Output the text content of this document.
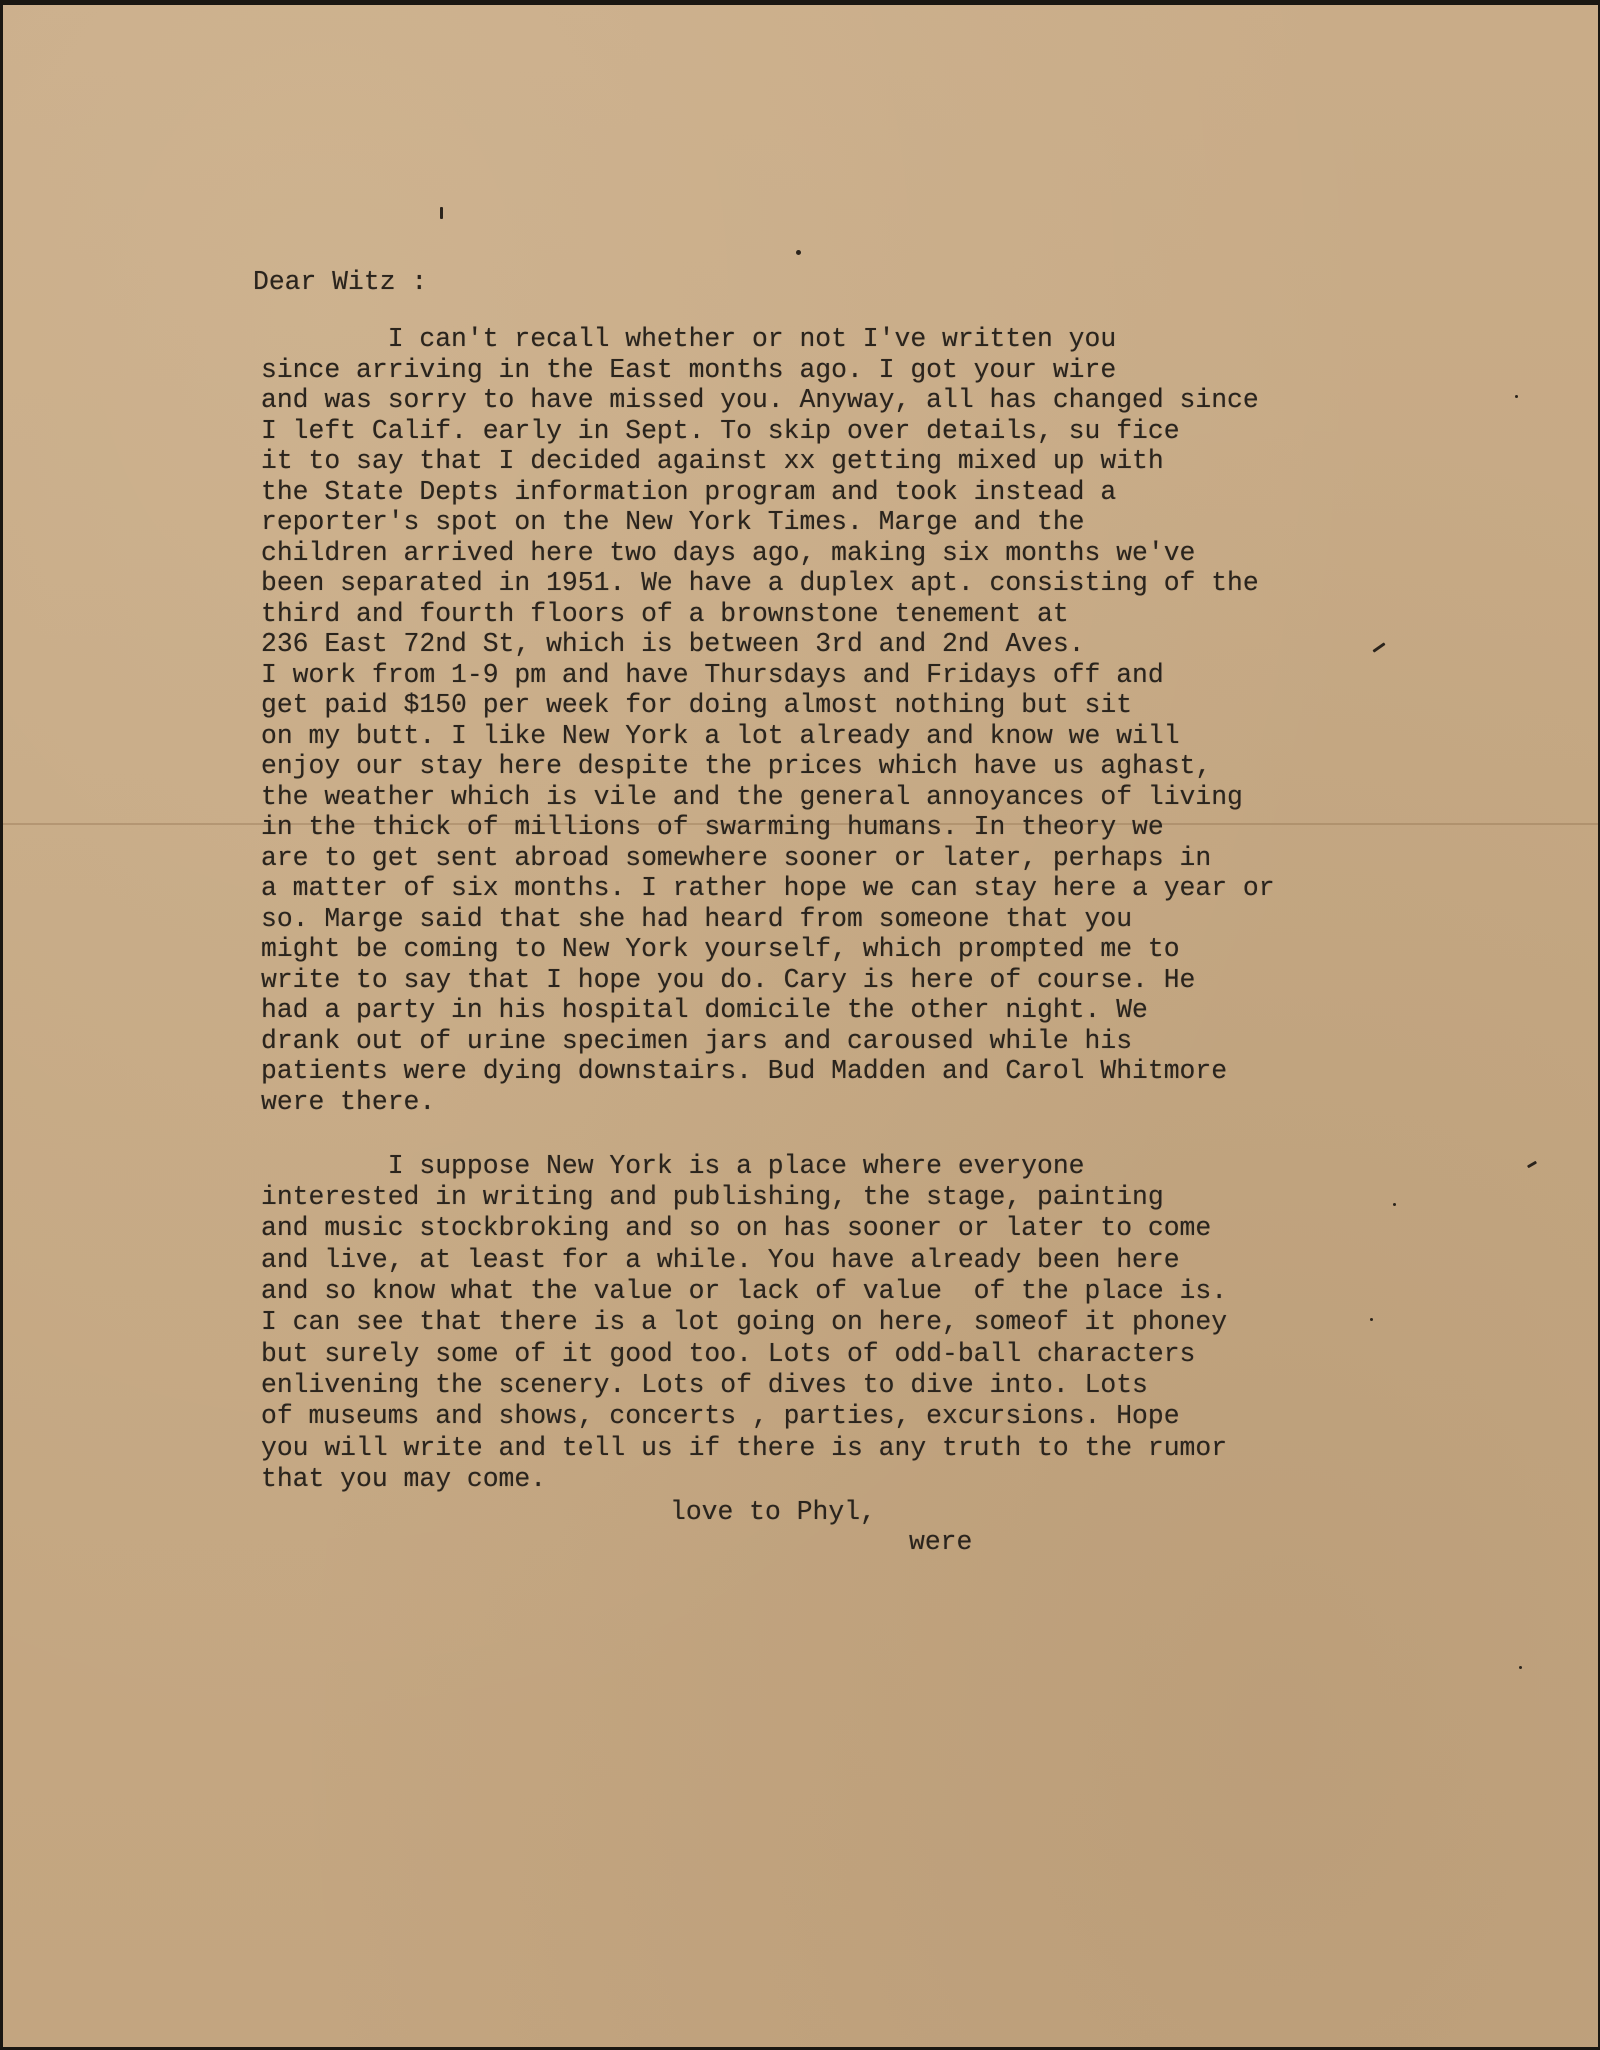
Dear Witz :
I can't recall whether or not I've written you
since arriving in the East months ago. I got your wire
and was sorry to have missed you. Anyway, all has changed since
I left Calif. early in Sept. To skip over details, su fice
it to say that I decided against xx getting mixed up with
the State Depts information program and took instead a
reporter's spot on the New York Times. Marge and the
children arrived here two days ago, making six months we've
been separated in 1951. We have a duplex apt. consisting of the
third and fourth floors of a brownstone tenement at
236 East 72nd St, which is between 3rd and 2nd Aves.
I work from 1-9 pm and have Thursdays and Fridays off and
get paid $150 per week for doing almost nothing but sit
on my butt. I like New York a lot already and know we will
enjoy our stay here despite the prices which have us aghast,
the weather which is vile and the general annoyances of living
in the thick of millions of swarming humans. In theory we
are to get sent abroad somewhere sooner or later, perhaps in
a matter of six months. I rather hope we can stay here a year or
so. Marge said that she had heard from someone that you
might be coming to New York yourself, which prompted me to
write to say that I hope you do. Cary is here of course. He
had a party in his hospital domicile the other night. We
drank out of urine specimen jars and caroused while his
patients were dying downstairs. Bud Madden and Carol Whitmore
were there.
I suppose New York is a place where everyone
interested in writing and publishing, the stage, painting
and music stockbroking and so on has sooner or later to come
and live, at least for a while. You have already been here
and so know what the value or lack of value  of the place is.
I can see that there is a lot going on here, someof it phoney
but surely some of it good too. Lots of odd-ball characters
enlivening the scenery. Lots of dives to dive into. Lots
of museums and shows, concerts , parties, excursions. Hope
you will write and tell us if there is any truth to the rumor
that you may come.
love to Phyl,
were
